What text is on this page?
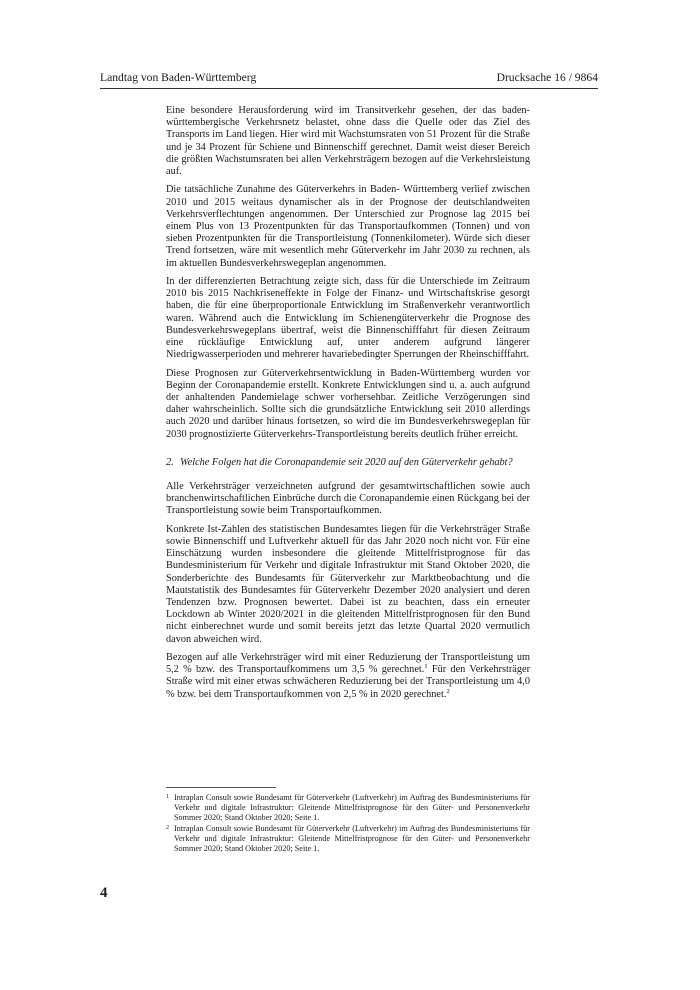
Landtag von Baden-Württemberg	Drucksache 16 / 9864

Eine besondere Herausforderung wird im Transitverkehr gesehen, der das baden-württembergische Verkehrsnetz belastet, ohne dass die Quelle oder das Ziel des Transports im Land liegen. Hier wird mit Wachstumsraten von 51 Prozent für die Straße und je 34 Prozent für Schiene und Binnenschiff gerechnet. Damit weist dieser Bereich die größten Wachstumsraten bei allen Verkehrsträgern bezogen auf die Verkehrsleistung auf.

Die tatsächliche Zunahme des Güterverkehrs in Baden- Württemberg verlief zwischen 2010 und 2015 weitaus dynamischer als in der Prognose der deutschlandweiten Verkehrsverflechtungen angenommen. Der Unterschied zur Prognose lag 2015 bei einem Plus von 13 Prozentpunkten für das Transportaufkommen (Tonnen) und von sieben Prozentpunkten für die Transportleistung (Tonnenkilometer). Würde sich dieser Trend fortsetzen, wäre mit wesentlich mehr Güterverkehr im Jahr 2030 zu rechnen, als im aktuellen Bundesverkehrswegeplan angenommen.

In der differenzierten Betrachtung zeigte sich, dass für die Unterschiede im Zeitraum 2010 bis 2015 Nachkriseneffekte in Folge der Finanz- und Wirtschaftskrise gesorgt haben, die für eine überproportionale Entwicklung im Straßenverkehr verantwortlich waren. Während auch die Entwicklung im Schienengüterverkehr die Prognose des Bundesverkehrswegeplans übertraf, weist die Binnenschifffahrt für diesen Zeitraum eine rückläufige Entwicklung auf, unter anderem aufgrund längerer Niedrigwasserperioden und mehrerer havariebedingter Sperrungen der Rheinschifffahrt.

Diese Prognosen zur Güterverkehrsentwicklung in Baden-Württemberg wurden vor Beginn der Coronapandemie erstellt. Konkrete Entwicklungen sind u. a. auch aufgrund der anhaltenden Pandemielage schwer vorhersehbar. Zeitliche Verzögerungen sind daher wahrscheinlich. Sollte sich die grundsätzliche Entwicklung seit 2010 allerdings auch 2020 und darüber hinaus fortsetzen, so wird die im Bundesverkehrswegeplan für 2030 prognostizierte Güterverkehrs-Transportleistung bereits deutlich früher erreicht.

2. Welche Folgen hat die Coronapandemie seit 2020 auf den Güterverkehr gehabt?

Alle Verkehrsträger verzeichneten aufgrund der gesamtwirtschaftlichen sowie auch branchenwirtschaftlichen Einbrüche durch die Coronapandemie einen Rückgang bei der Transportleistung sowie beim Transportaufkommen.

Konkrete Ist-Zahlen des statistischen Bundesamtes liegen für die Verkehrsträger Straße sowie Binnenschiff und Luftverkehr aktuell für das Jahr 2020 noch nicht vor. Für eine Einschätzung wurden insbesondere die gleitende Mittelfristprognose für das Bundesministerium für Verkehr und digitale Infrastruktur mit Stand Oktober 2020, die Sonderberichte des Bundesamts für Güterverkehr zur Marktbeobachtung und die Mautstatistik des Bundesamtes für Güterverkehr Dezember 2020 analysiert und deren Tendenzen bzw. Prognosen bewertet. Dabei ist zu beachten, dass ein erneuter Lockdown ab Winter 2020/2021 in die gleitenden Mittelfristprognosen für den Bund nicht einberechnet wurde und somit bereits jetzt das letzte Quartal 2020 vermutlich davon abweichen wird.

Bezogen auf alle Verkehrsträger wird mit einer Reduzierung der Transportleistung um 5,2 % bzw. des Transportaufkommens um 3,5 % gerechnet.$^1$ Für den Verkehrsträger Straße wird mit einer etwas schwächeren Reduzierung bei der Transportleistung um 4,0 % bzw. bei dem Transportaufkommen von 2,5 % in 2020 gerechnet.$^2$

1 Intraplan Consult sowie Bundesamt für Güterverkehr (Luftverkehr) im Auftrag des Bundesministeriums für Verkehr und digitale Infrastruktur: Gleitende Mittelfristprognose für den Güter- und Personenverkehr Sommer 2020; Stand Oktober 2020; Seite 1.
2 Intraplan Consult sowie Bundesamt für Güterverkehr (Luftverkehr) im Auftrag des Bundesministeriums für Verkehr und digitale Infrastruktur: Gleitende Mittelfristprognose für den Güter- und Personenverkehr Sommer 2020; Stand Oktober 2020; Seite 1.
4
